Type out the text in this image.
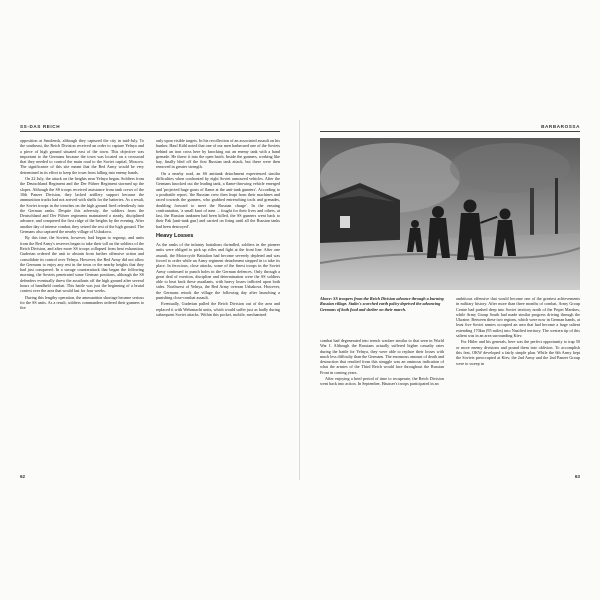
SS-DAS REICH

opposition at Smolensk, although they captured the city in mid-July. To the southeast, the Reich Division received an order to capture Yelnya and a piece of high ground situated east of the town. This objective was important to the Germans because the town was located on a crossroad that they needed to control the main road to the Soviet capital, Moscow. The significance of this site meant that the Red Army would be very determined in its effort to keep the town from falling into enemy hands.

On 22 July, the attack on the heights near Yelnya began. Soldiers from the Deutschland Regiment and the Der Führer Regiment stormed up the slopes. Although the SS troops received assistance from tank crews of the 10th Panzer Division, they lacked artillery support because the ammunition trucks had not arrived with shells for the batteries. As a result, the Soviet troops in the trenches on the high ground fired relentlessly into the German ranks. Despite this adversity, the soldiers from the Deutschland and Der Führer regiments maintained a steady, disciplined advance, and conquered the first ridge of the heights by the evening. After another day of intense combat, they seized the rest of the high ground. The Germans also captured the nearby village of Ushakova.

By this time, the Soviets, however, had begun to regroup, and units from the Red Army's reserves began to take their toll on the soldiers of the Reich Division, and after more SS troops collapsed from heat exhaustion, Guderian ordered the unit to abstain from further offensive action and consolidate its control over Yelnya. However, the Red Army did not allow the Germans to enjoy any rest in the town or the nearby heights that they had just conquered. In a savage counterattack that began the following morning, the Soviets penetrated some German positions, although the SS defenders eventually threw the assailants off the high ground after several hours of handheld combat. This battle was just the beginning of a brutal contest over the area that would last for four weeks.

During this lengthy operation, the ammunition shortage became serious for the SS units. As a result, soldiers commanders ordered their gunners to fire

only upon visible targets. In his recollection of an associated assault on his bunker, Hauf Kühl noted that one of our men barbecued one of the Soviets behind an iron cross here by knocking out an enemy tank with a hand grenade. He threw it into the open hatch. Inside the gunners, working like hay, finally bled off the first Russian tank attack, but these were then removed in greater strength.

On a nearby road, an SS antitank detachment experienced similar difficulties when confronted by eight Soviet armoured vehicles. After the Germans knocked out the leading tank, a flame-throwing vehicle emerged and 'projected huge gouts of flame at the anti-tank gunners'. According to a postbattle report, 'the Russian crew then leapt from their machines and raced towards the gunners, who grabbed entrenching tools and grenades, doubling forward to meet the Russian charge'. In the ensuing confrontation, 'a small knot of men ... fought for their lives and others, at last, the Russian tankmen had been killed, the SS gunners went back to their Pak [anti-tank gun] and carried on firing until all the Russian tanks had been destroyed'.

Heavy Losses

As the ranks of the infantry battalions dwindled, soldiers in the pioneer units were obliged to pick up rifles and fight at the front line. After one assault, the Motorcycle Battalion had become severely depleted and was forced to order while an Army regiment detachment stepped in to take its place. In ferocious, close attacks, some of the finest troops in the Soviet Army continued to punch holes in the German defences. Only through a great deal of exertion, discipline and determination were the SS soldiers able to beat back these assailants, with heavy losses inflicted upon both sides. Northwest of Yelnya, the Red Army overran Ushakova. However, the Germans retook the village the following day after launching a punishing close-combat assault.

Eventually, Guderian pulled the Reich Division out of the area and replaced it with Wehrmacht units, which would suffer just as badly during subsequent Soviet attacks. Within this pocket, mobile, mechanized

62
BARBAROSSA

Above: SS troopers from the Reich Division advance through a burning Russian village. Stalin's scorched earth policy deprived the advancing Germans of both food and shelter on their march.

combat had degenerated into trench warfare similar to that seen in World War I. Although the Russians actually suffered higher casualty rates during the battle for Yelnya, they were able to replace their losses with much less difficulty than the Germans. The enormous amount of death and destruction that resulted from this struggle was an ominous indication of what the armies of the Third Reich would face throughout the Russian Front in coming years.

After enjoying a brief period of time to recuperate, the Reich Division went back into action. In September, Hausser's troops participated in an

ambitious offensive that would become one of the greatest achievements in military history. After more than three months of combat, Army Group Centre had pushed deep into Soviet territory north of the Pripet Marshes, while Army Group South had made similar progress driving through the Ukraine. Between these two regions, which were now in German hands, at least five Soviet armies occupied an area that had become a large salient extending 170km (95 miles) into Nazified territory. The western tip of this salient was in an area surrounding Kiev.

For Hitler and his generals, here was the perfect opportunity to trap 50 or more enemy divisions and pound them into oblivion. To accomplish this feat, OKW developed a fairly simple plan. While the 6th Army kept the Soviets preoccupied at Kiev, the 2nd Army and the 2nd Panzer Group were to sweep in

63
